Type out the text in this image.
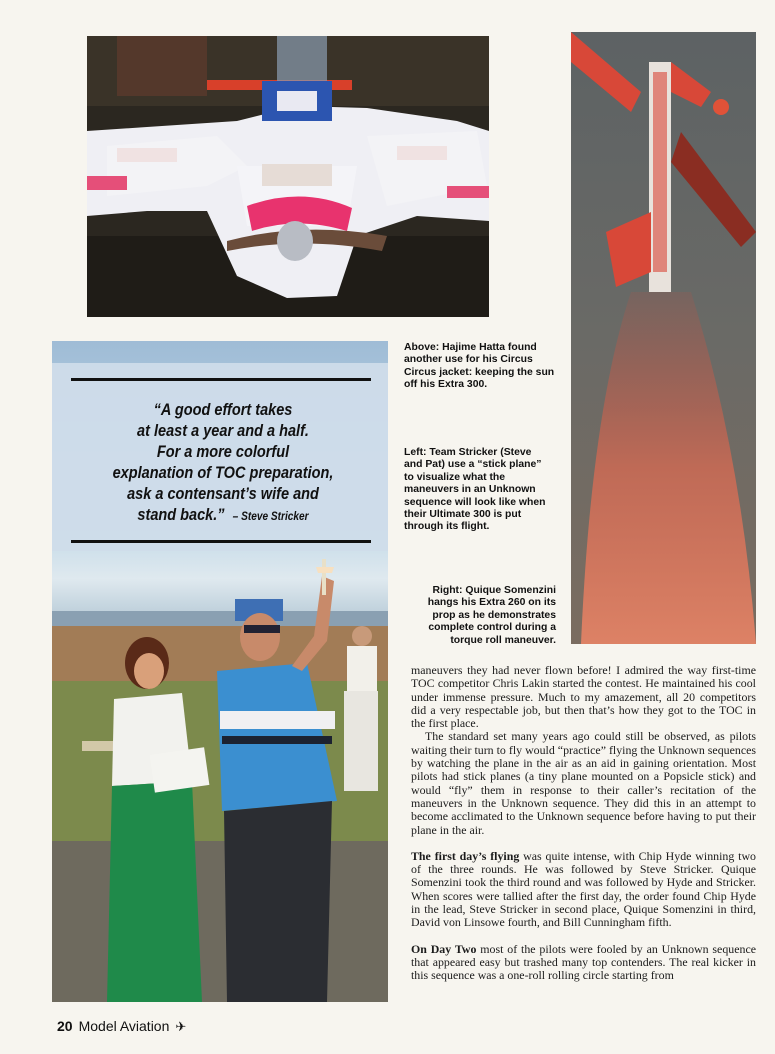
“A good effort takes
at least a year and a half.
For a more colorful
explanation of TOC preparation,
ask a contensant’s wife and
stand back.” – Steve Stricker
Above: Hajime Hatta found another use for his Circus Circus jacket: keeping the sun off his Extra 300.
Left: Team Stricker (Steve and Pat) use a “stick plane” to visualize what the maneuvers in an Unknown sequence will look like when their Ultimate 300 is put through its flight.
Right: Quique Somenzini hangs his Extra 260 on its prop as he demonstrates complete control during a torque roll maneuver.

maneuvers they had never flown before! I admired the way first-time TOC competitor Chris Lakin started the contest. He maintained his cool under immense pressure. Much to my amazement, all 20 competitors did a very respectable job, but then that’s how they got to the TOC in the first place.

The standard set many years ago could still be observed, as pilots waiting their turn to fly would “practice” flying the Unknown sequences by watching the plane in the air as an aid in gaining orientation. Most pilots had stick planes (a tiny plane mounted on a Popsicle stick) and would “fly” them in response to their caller’s recitation of the maneuvers in the Unknown sequence. They did this in an attempt to become acclimated to the Unknown sequence before having to put their plane in the air.

The first day’s flying was quite intense, with Chip Hyde winning two of the three rounds. He was followed by Steve Stricker. Quique Somenzini took the third round and was followed by Hyde and Stricker. When scores were tallied after the first day, the order found Chip Hyde in the lead, Steve Stricker in second place, Quique Somenzini in third, David von Linsowe fourth, and Bill Cunningham fifth.

On Day Two most of the pilots were fooled by an Unknown sequence that appeared easy but trashed many top contenders. The real kicker in this sequence was a one-roll rolling circle starting from

20 Model Aviation ✈
